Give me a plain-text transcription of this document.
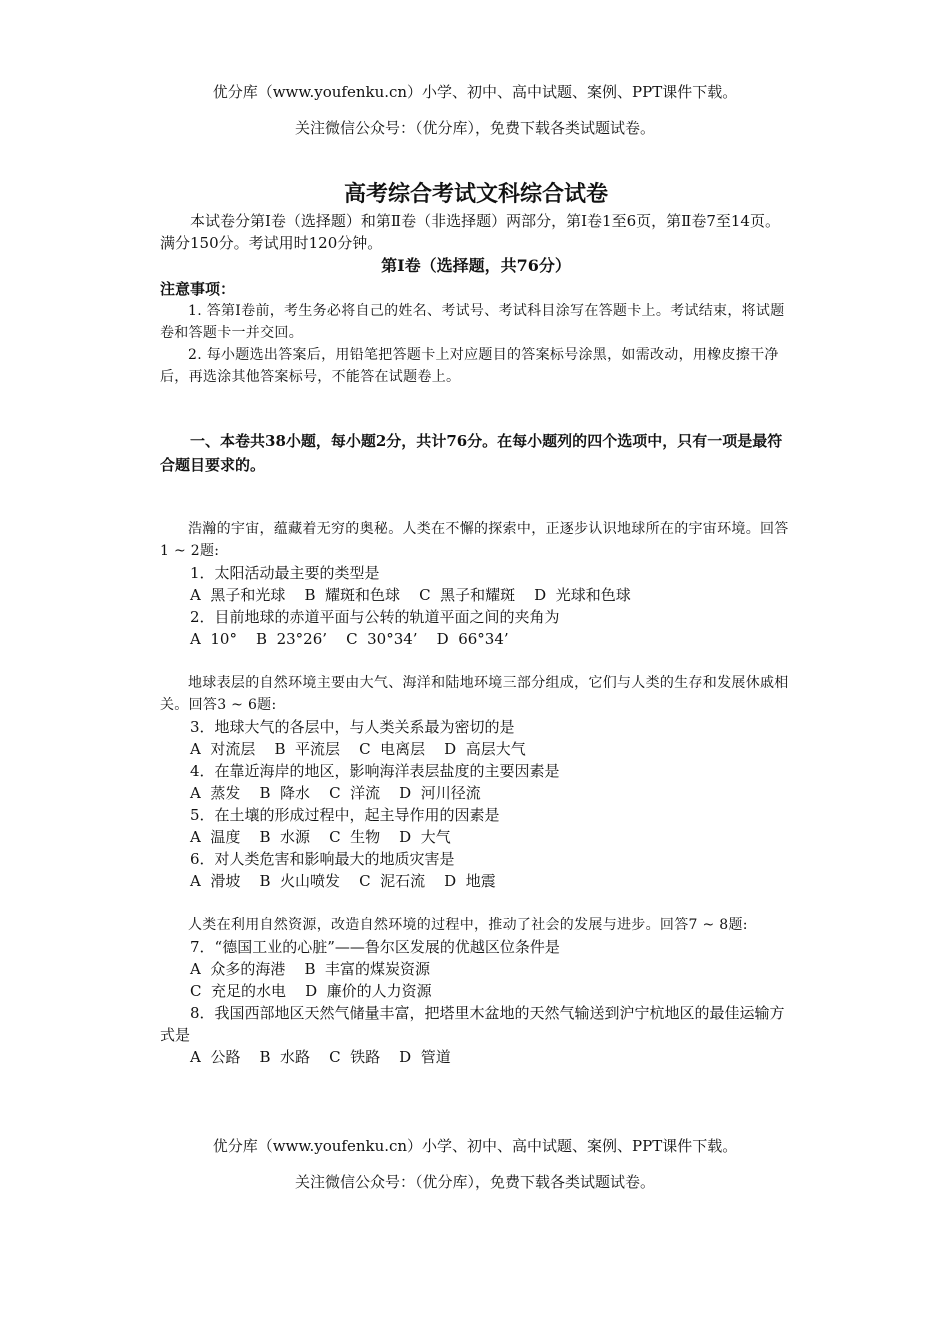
优分库（www.youfenku.cn）小学、初中、高中试题、案例、PPT课件下载。
关注微信公众号：（优分库），免费下载各类试题试卷。
高考综合考试文科综合试卷

本试卷分第Ⅰ卷（选择题）和第Ⅱ卷（非选择题）两部分，第Ⅰ卷1至6页，第Ⅱ卷7至14页。满分150分。考试用时120分钟。

第Ⅰ卷（选择题，共76分）
注意事项：

1. 答第Ⅰ卷前，考生务必将自己的姓名、考试号、考试科目涂写在答题卡上。考试结束，将试题卷和答题卡一并交回。

2. 每小题选出答案后，用铅笔把答题卡上对应题目的答案标号涂黑，如需改动，用橡皮擦干净后，再选涂其他答案标号，不能答在试题卷上。

一、本卷共38小题，每小题2分，共计76分。在每小题列的四个选项中，只有一项是最符合题目要求的。

浩瀚的宇宙，蕴藏着无穷的奥秘。人类在不懈的探索中，正逐步认识地球所在的宇宙环境。回答1 ~ 2题:

1．太阳活动最主要的类型是

A  黑子和光球    B  耀斑和色球    C  黑子和耀斑    D  光球和色球

2．目前地球的赤道平面与公转的轨道平面之间的夹角为

A  10°    B  23°26’    C  30°34’    D  66°34’

地球表层的自然环境主要由大气、海洋和陆地环境三部分组成，它们与人类的生存和发展休戚相关。回答3 ~ 6题:

3．地球大气的各层中，与人类关系最为密切的是

A  对流层    B  平流层    C  电离层    D  高层大气

4．在靠近海岸的地区，影响海洋表层盐度的主要因素是

A  蒸发    B  降水    C  洋流    D  河川径流

5．在土壤的形成过程中，起主导作用的因素是

A  温度    B  水源    C  生物    D  大气

6．对人类危害和影响最大的地质灾害是

A  滑坡    B  火山喷发    C  泥石流    D  地震

人类在利用自然资源，改造自然环境的过程中，推动了社会的发展与进步。回答7 ~ 8题:

7．“德国工业的心脏”——鲁尔区发展的优越区位条件是

A  众多的海港    B  丰富的煤炭资源

C  充足的水电    D  廉价的人力资源

8．我国西部地区天然气储量丰富，把塔里木盆地的天然气输送到沪宁杭地区的最佳运输方式是

A  公路    B  水路    C  铁路    D  管道

优分库（www.youfenku.cn）小学、初中、高中试题、案例、PPT课件下载。
关注微信公众号：（优分库），免费下载各类试题试卷。
